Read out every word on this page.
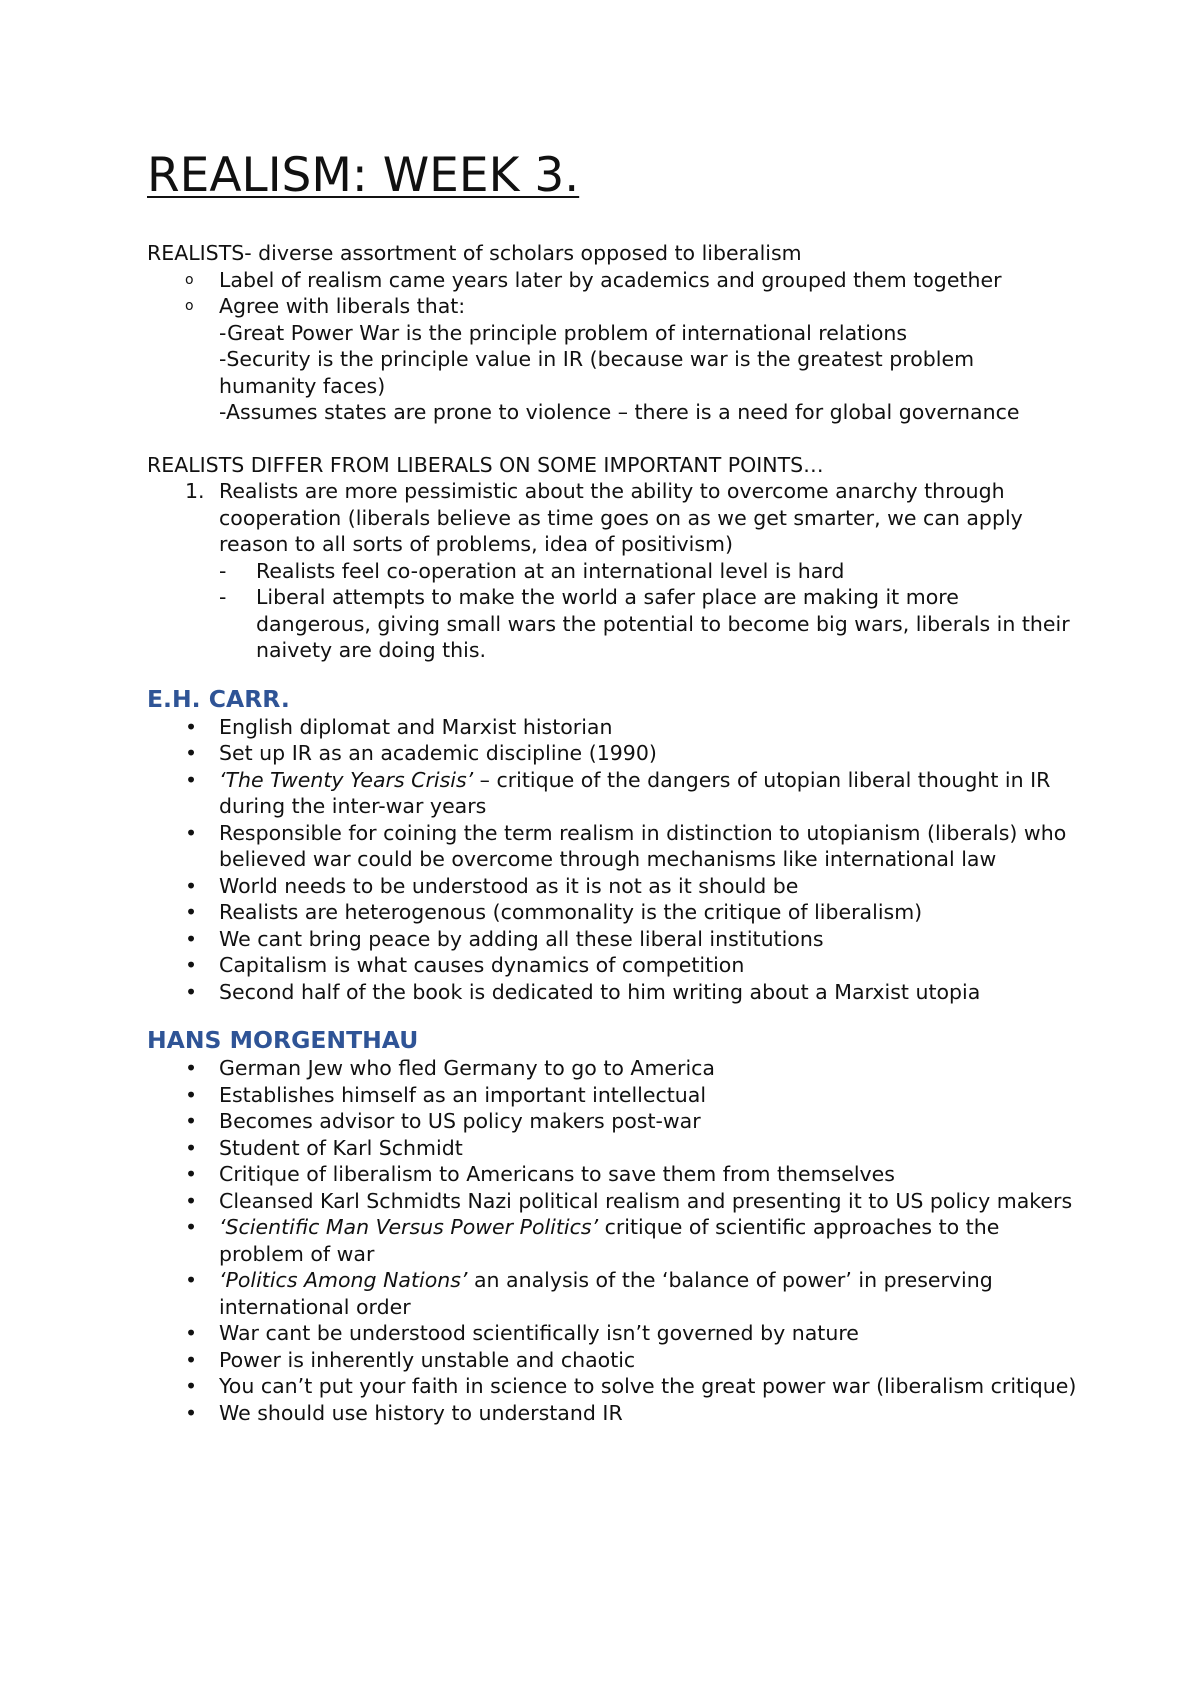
REALISM: WEEK 3.

REALISTS- diverse assortment of scholars opposed to liberalism

o	Label of realism came years later by academics and grouped them together
o	Agree with liberals that:
-Great Power War is the principle problem of international relations
-Security is the principle value in IR (because war is the greatest problem humanity faces)
-Assumes states are prone to violence – there is a need for global governance

REALISTS DIFFER FROM LIBERALS ON SOME IMPORTANT POINTS…

1. Realists are more pessimistic about the ability to overcome anarchy through cooperation (liberals believe as time goes on as we get smarter, we can apply reason to all sorts of problems, idea of positivism)
-	Realists feel co-operation at an international level is hard
-	Liberal attempts to make the world a safer place are making it more dangerous, giving small wars the potential to become big wars, liberals in their naivety are doing this.
E.H. CARR.
•	English diplomat and Marxist historian
•	Set up IR as an academic discipline (1990)
•	‘The Twenty Years Crisis’ – critique of the dangers of utopian liberal thought in IR during the inter-war years
•	Responsible for coining the term realism in distinction to utopianism (liberals) who believed war could be overcome through mechanisms like international law
•	World needs to be understood as it is not as it should be
•	Realists are heterogenous (commonality is the critique of liberalism)
•	We cant bring peace by adding all these liberal institutions
•	Capitalism is what causes dynamics of competition
•	Second half of the book is dedicated to him writing about a Marxist utopia
HANS MORGENTHAU
•	German Jew who fled Germany to go to America
•	Establishes himself as an important intellectual
•	Becomes advisor to US policy makers post-war
•	Student of Karl Schmidt
•	Critique of liberalism to Americans to save them from themselves
•	Cleansed Karl Schmidts Nazi political realism and presenting it to US policy makers
•	‘Scientific Man Versus Power Politics’ critique of scientific approaches to the problem of war
•	‘Politics Among Nations’ an analysis of the ‘balance of power’ in preserving international order
•	War cant be understood scientifically isn’t governed by nature
•	Power is inherently unstable and chaotic
•	You can’t put your faith in science to solve the great power war (liberalism critique)
•	We should use history to understand IR
